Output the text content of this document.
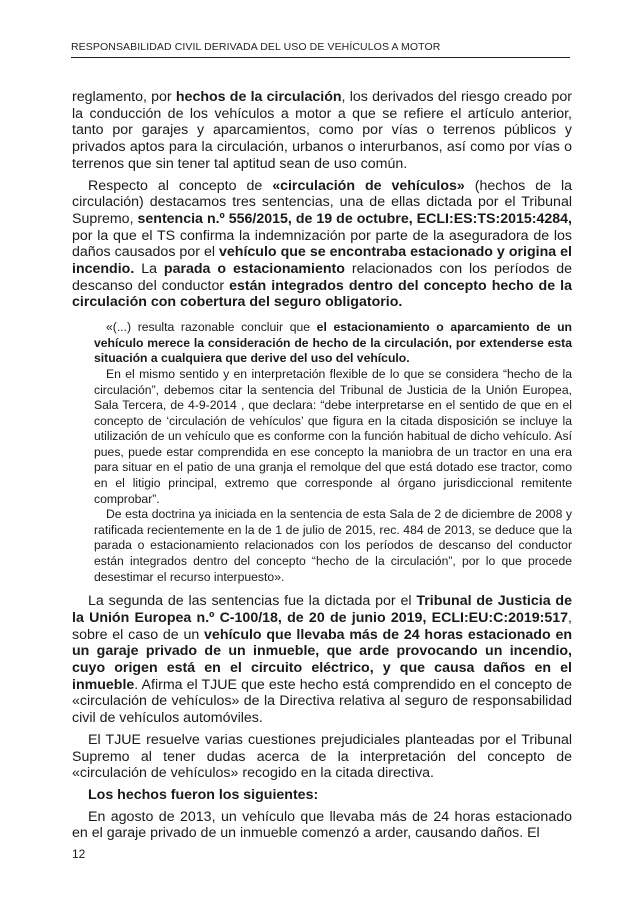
RESPONSABILIDAD CIVIL DERIVADA DEL USO DE VEHÍCULOS A MOTOR

reglamento, por hechos de la circulación, los derivados del riesgo creado por la conducción de los vehículos a motor a que se refiere el artículo anterior, tanto por garajes y aparcamientos, como por vías o terrenos públicos y privados aptos para la circulación, urbanos o interurbanos, así como por vías o terrenos que sin tener tal aptitud sean de uso común.

Respecto al concepto de «circulación de vehículos» (hechos de la circulación) destacamos tres sentencias, una de ellas dictada por el Tribunal Supremo, sentencia n.º 556/2015, de 19 de octubre, ECLI:ES:TS:2015:4284, por la que el TS confirma la indemnización por parte de la aseguradora de los daños causados por el vehículo que se encontraba estacionado y origina el incendio. La parada o estacionamiento relacionados con los períodos de descanso del conductor están integrados dentro del concepto hecho de la circulación con cobertura del seguro obligatorio.

«(...) resulta razonable concluir que el estacionamiento o aparcamiento de un vehículo merece la consideración de hecho de la circulación, por extenderse esta situación a cualquiera que derive del uso del vehículo.

En el mismo sentido y en interpretación flexible de lo que se considera “hecho de la circulación”, debemos citar la sentencia del Tribunal de Justicia de la Unión Europea, Sala Tercera, de 4-9-2014 , que declara: “debe interpretarse en el sentido de que en el concepto de ‘circulación de vehículos’ que figura en la citada disposición se incluye la utilización de un vehículo que es conforme con la función habitual de dicho vehículo. Así pues, puede estar comprendida en ese concepto la maniobra de un tractor en una era para situar en el patio de una granja el remolque del que está dotado ese tractor, como en el litigio principal, extremo que corresponde al órgano jurisdiccional remitente comprobar”.

De esta doctrina ya iniciada en la sentencia de esta Sala de 2 de diciembre de 2008 y ratificada recientemente en la de 1 de julio de 2015, rec. 484 de 2013, se deduce que la parada o estacionamiento relacionados con los períodos de descanso del conductor están integrados dentro del concepto “hecho de la circulación”, por lo que procede desestimar el recurso interpuesto».

La segunda de las sentencias fue la dictada por el Tribunal de Justicia de la Unión Europea n.º C-100/18, de 20 de junio 2019, ECLI:EU:C:2019:517, sobre el caso de un vehículo que llevaba más de 24 horas estacionado en un garaje privado de un inmueble, que arde provocando un incendio, cuyo origen está en el circuito eléctrico, y que causa daños en el inmueble. Afirma el TJUE que este hecho está comprendido en el concepto de «circulación de vehículos» de la Directiva relativa al seguro de responsabilidad civil de vehículos automóviles.

El TJUE resuelve varias cuestiones prejudiciales planteadas por el Tribunal Supremo al tener dudas acerca de la interpretación del concepto de «circulación de vehículos» recogido en la citada directiva.

Los hechos fueron los siguientes:

En agosto de 2013, un vehículo que llevaba más de 24 horas estacionado en el garaje privado de un inmueble comenzó a arder, causando daños. El

12
